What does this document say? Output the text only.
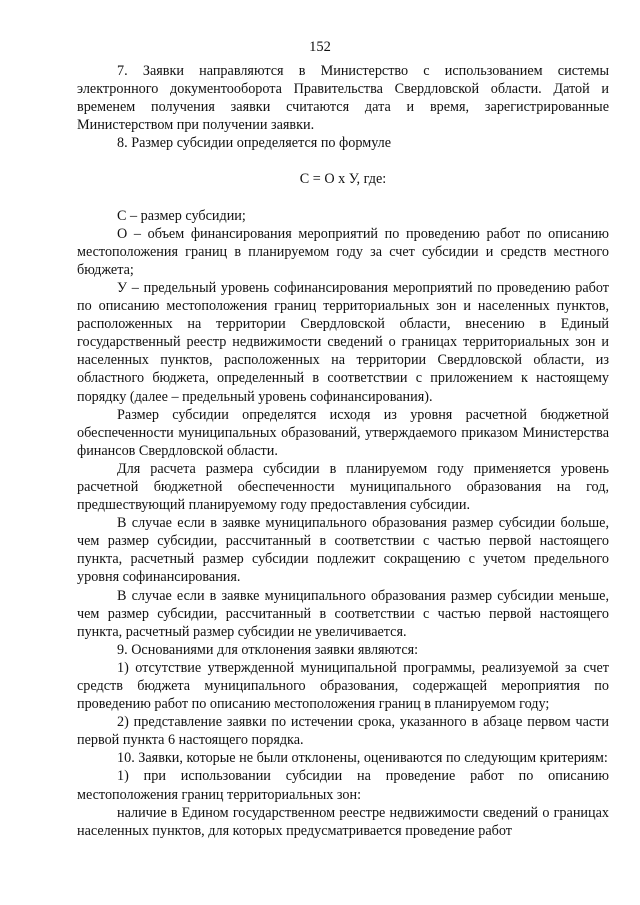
152

7. Заявки направляются в Министерство с использованием системы электронного документооборота Правительства Свердловской области. Датой и временем получения заявки считаются дата и время, зарегистрированные Министерством при получении заявки.

8. Размер субсидии определяется по формуле

С = О х У, где:

С – размер субсидии;

О – объем финансирования мероприятий по проведению работ по описанию местоположения границ в планируемом году за счет субсидии и средств местного бюджета;

У – предельный уровень софинансирования мероприятий по проведению работ по описанию местоположения границ территориальных зон и населенных пунктов, расположенных на территории Свердловской области, внесению в Единый государственный реестр недвижимости сведений о границах территориальных зон и населенных пунктов, расположенных на территории Свердловской области, из областного бюджета, определенный в соответствии с приложением к настоящему порядку (далее – предельный уровень софинансирования).

Размер субсидии определятся исходя из уровня расчетной бюджетной обеспеченности муниципальных образований, утверждаемого приказом Министерства финансов Свердловской области.

Для расчета размера субсидии в планируемом году применяется уровень расчетной бюджетной обеспеченности муниципального образования на год, предшествующий планируемому году предоставления субсидии.

В случае если в заявке муниципального образования размер субсидии больше, чем размер субсидии, рассчитанный в соответствии с частью первой настоящего пункта, расчетный размер субсидии подлежит сокращению с учетом предельного уровня софинансирования.

В случае если в заявке муниципального образования размер субсидии меньше, чем размер субсидии, рассчитанный в соответствии с частью первой настоящего пункта, расчетный размер субсидии не увеличивается.

9. Основаниями для отклонения заявки являются:

1) отсутствие утвержденной муниципальной программы, реализуемой за счет средств бюджета муниципального образования, содержащей мероприятия по проведению работ по описанию местоположения границ в планируемом году;

2) представление заявки по истечении срока, указанного в абзаце первом части первой пункта 6 настоящего порядка.

10. Заявки, которые не были отклонены, оцениваются по следующим критериям:

1) при использовании субсидии на проведение работ по описанию местоположения границ территориальных зон:

наличие в Едином государственном реестре недвижимости сведений о границах населенных пунктов, для которых предусматривается проведение работ
